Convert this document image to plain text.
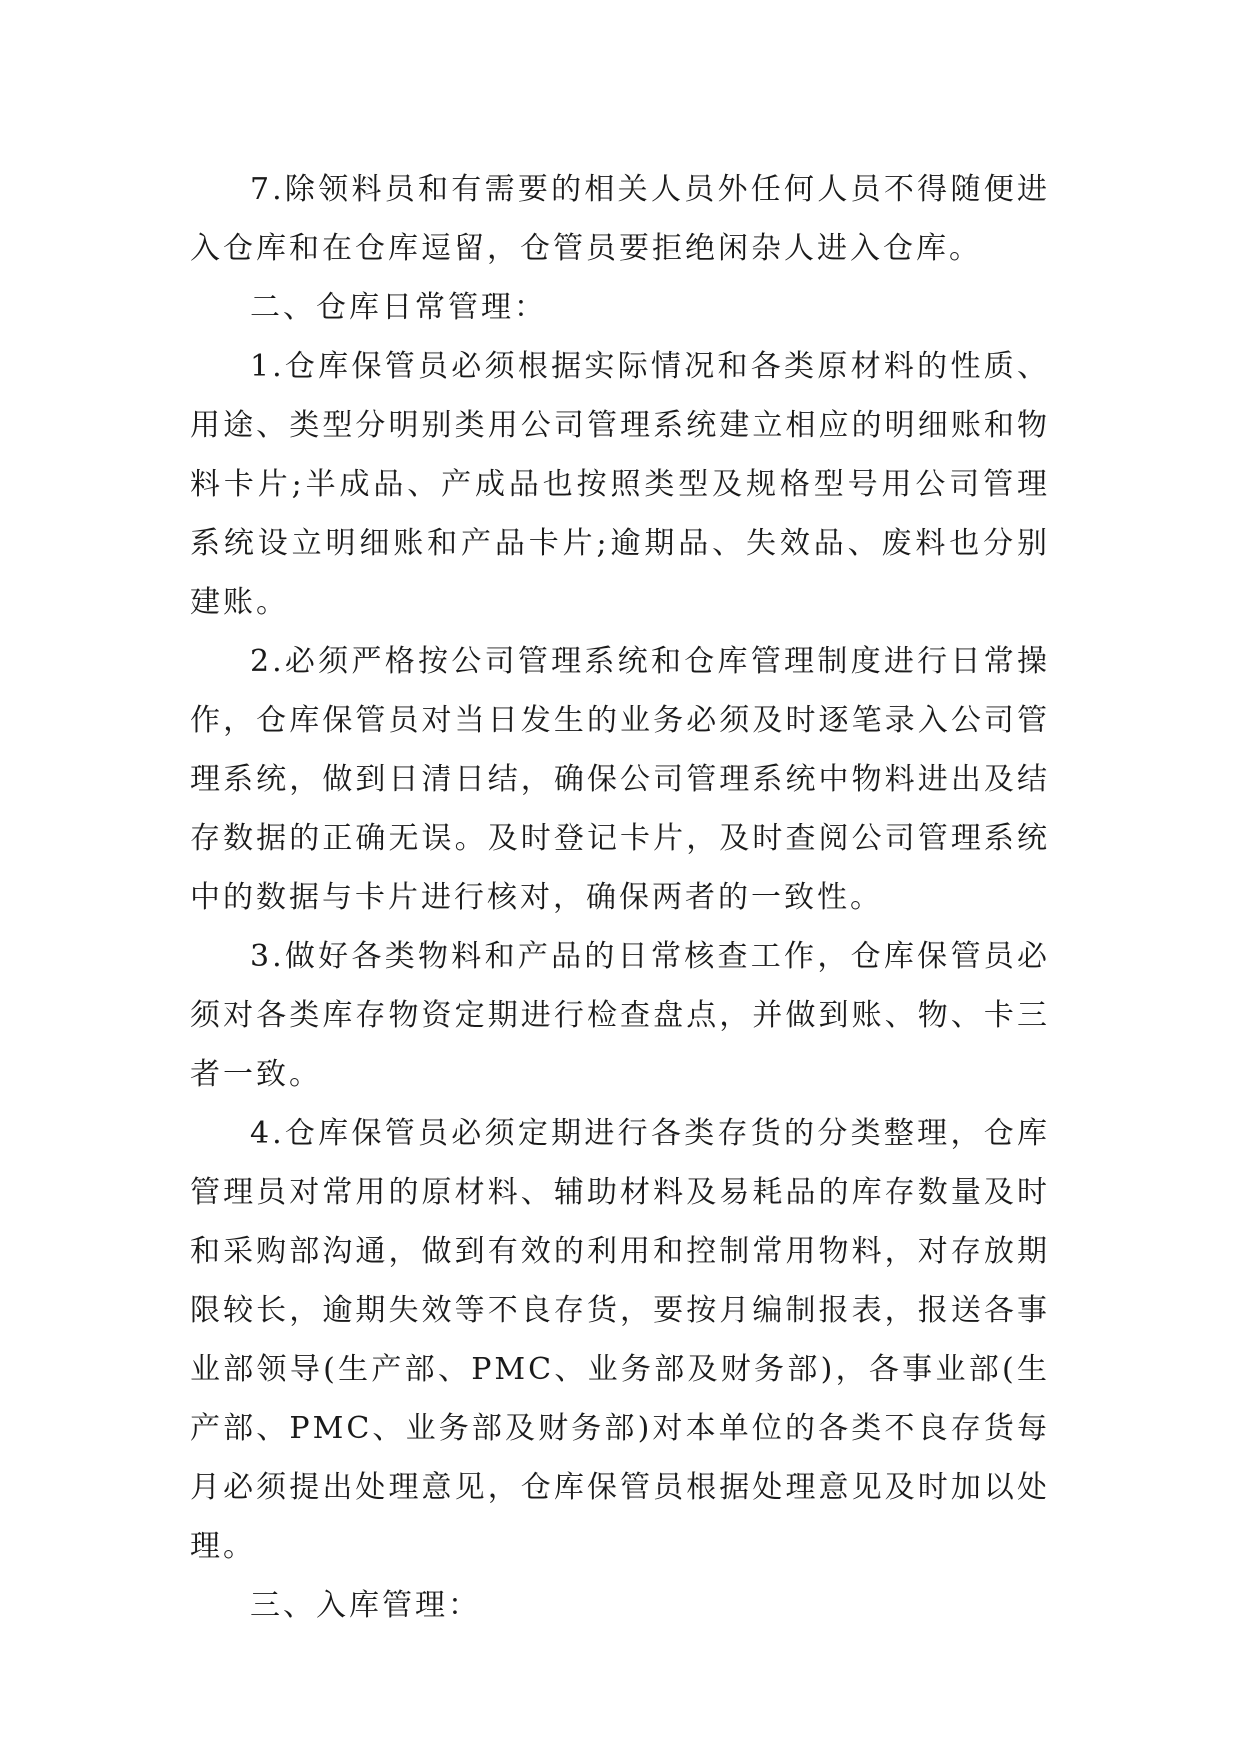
7.除领料员和有需要的相关人员外任何人员不得随便进入仓库和在仓库逗留，仓管员要拒绝闲杂人进入仓库。

二、仓库日常管理：

1.仓库保管员必须根据实际情况和各类原材料的性质、用途、类型分明别类用公司管理系统建立相应的明细账和物料卡片;半成品、产成品也按照类型及规格型号用公司管理系统设立明细账和产品卡片;逾期品、失效品、废料也分别建账。

2.必须严格按公司管理系统和仓库管理制度进行日常操作，仓库保管员对当日发生的业务必须及时逐笔录入公司管理系统，做到日清日结，确保公司管理系统中物料进出及结存数据的正确无误。及时登记卡片，及时查阅公司管理系统中的数据与卡片进行核对，确保两者的一致性。

3.做好各类物料和产品的日常核查工作，仓库保管员必须对各类库存物资定期进行检查盘点，并做到账、物、卡三者一致。

4.仓库保管员必须定期进行各类存货的分类整理，仓库管理员对常用的原材料、辅助材料及易耗品的库存数量及时和采购部沟通，做到有效的利用和控制常用物料，对存放期限较长，逾期失效等不良存货，要按月编制报表，报送各事业部领导(生产部、PMC、业务部及财务部)，各事业部(生产部、PMC、业务部及财务部)对本单位的各类不良存货每月必须提出处理意见，仓库保管员根据处理意见及时加以处理。

三、入库管理：
